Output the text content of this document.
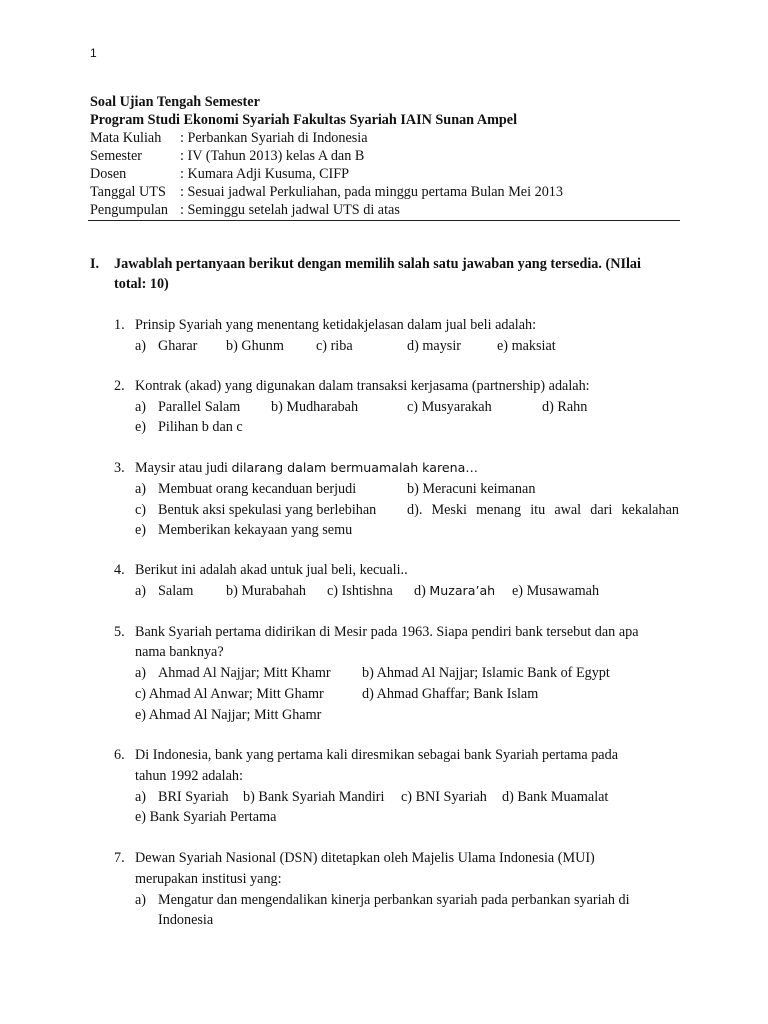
1
Soal Ujian Tengah Semester
Program Studi Ekonomi Syariah Fakultas Syariah IAIN Sunan Ampel
Mata Kuliah : Perbankan Syariah di Indonesia
Semester	: IV (Tahun 2013) kelas A dan B
Dosen	: Kumara Adji Kusuma, CIFP
Tanggal UTS : Sesuai jadwal Perkuliahan, pada minggu pertama Bulan Mei 2013
Pengumpulan : Seminggu setelah jadwal UTS di atas
I. Jawablah pertanyaan berikut dengan memilih salah satu jawaban yang tersedia. (NIlai
total: 10)
1. Prinsip Syariah yang menentang ketidakjelasan dalam jual beli adalah:
a) Gharar b) Ghunm c) riba	d) maysir	e) maksiat
2. Kontrak (akad) yang digunakan dalam transaksi kerjasama (partnership) adalah:
a) Parallel Salam b) Mudharabah	c) Musyarakah	d) Rahn
e) Pilihan b dan c
3. Maysir atau judi dilarang dalam bermuamalah karena…
a) Membuat orang kecanduan berjudi	b) Meracuni keimanan
c) Bentuk aksi spekulasi yang berlebihan d). Meski menang itu awal dari kekalahan
e) Memberikan kekayaan yang semu
4. Berikut ini adalah akad untuk jual beli, kecuali..
a) Salam b) Murabahah c) Ishtishna d) Muzara’ah e) Musawamah
5. Bank Syariah pertama didirikan di Mesir pada 1963. Siapa pendiri bank tersebut dan apa
nama banknya?
a) Ahmad Al Najjar; Mitt Khamr b) Ahmad Al Najjar; Islamic Bank of Egypt
c) Ahmad Al Anwar; Mitt Ghamr	d) Ahmad Ghaffar; Bank Islam
e) Ahmad Al Najjar; Mitt Ghamr
6. Di Indonesia, bank yang pertama kali diresmikan sebagai bank Syariah pertama pada
tahun 1992 adalah:
a) BRI Syariah b) Bank Syariah Mandiri c) BNI Syariah d) Bank Muamalat
e) Bank Syariah Pertama
7. Dewan Syariah Nasional (DSN) ditetapkan oleh Majelis Ulama Indonesia (MUI)
merupakan institusi yang:
a) Mengatur dan mengendalikan kinerja perbankan syariah pada perbankan syariah di
Indonesia
